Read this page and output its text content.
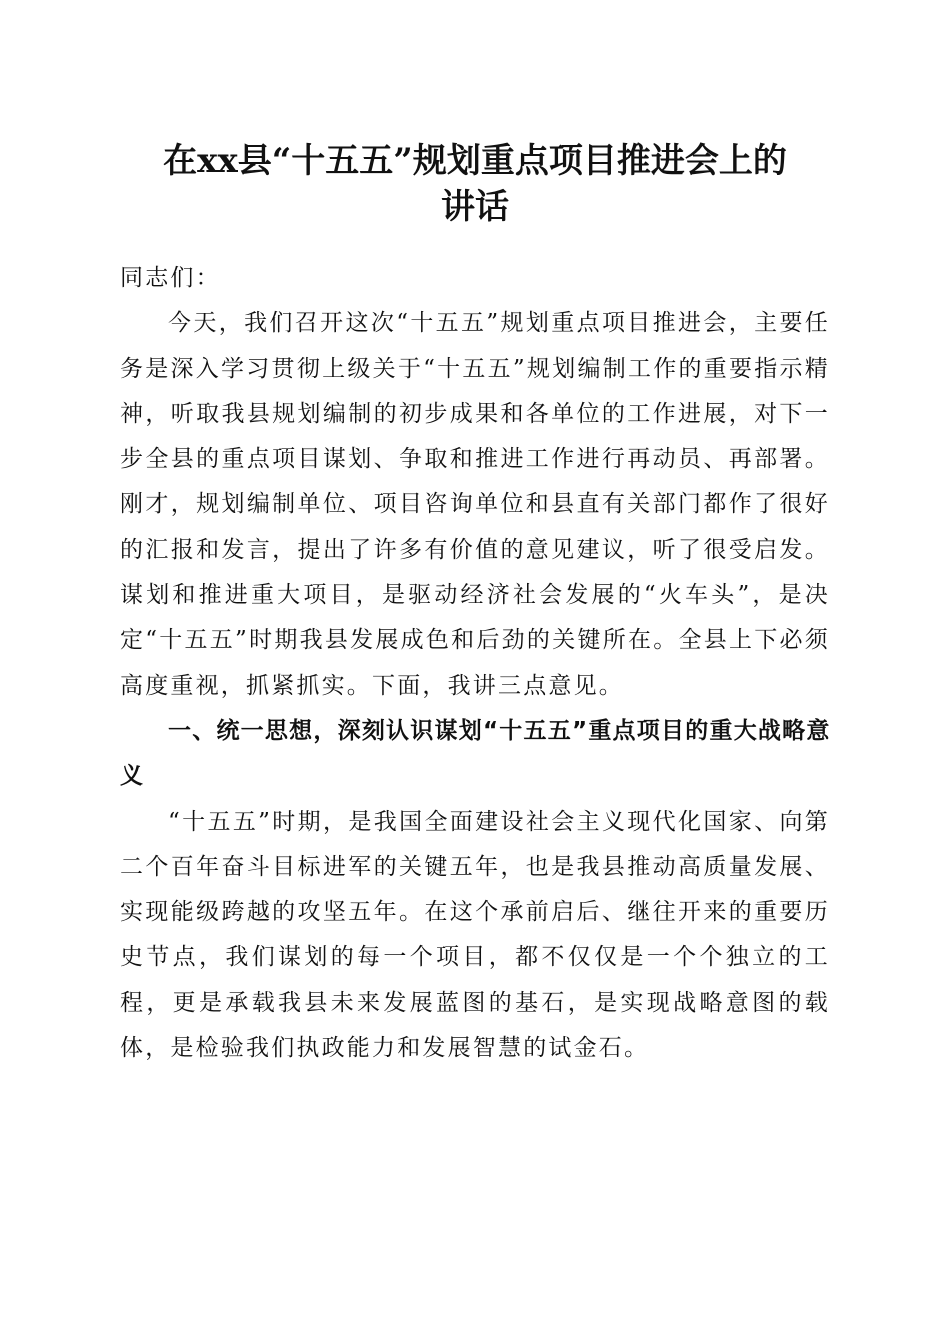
在xx县“十五五”规划重点项目推进会上的
讲话

同志们：

今天，我们召开这次“十五五”规划重点项目推进会，主要任务是深入学习贯彻上级关于“十五五”规划编制工作的重要指示精神，听取我县规划编制的初步成果和各单位的工作进展，对下一步全县的重点项目谋划、争取和推进工作进行再动员、再部署。刚才，规划编制单位、项目咨询单位和县直有关部门都作了很好的汇报和发言，提出了许多有价值的意见建议，听了很受启发。谋划和推进重大项目，是驱动经济社会发展的“火车头”，是决定“十五五”时期我县发展成色和后劲的关键所在。全县上下必须高度重视，抓紧抓实。下面，我讲三点意见。

一、统一思想，深刻认识谋划“十五五”重点项目的重大战略意义

“十五五”时期，是我国全面建设社会主义现代化国家、向第二个百年奋斗目标进军的关键五年，也是我县推动高质量发展、实现能级跨越的攻坚五年。在这个承前启后、继往开来的重要历史节点，我们谋划的每一个项目，都不仅仅是一个个独立的工程，更是承载我县未来发展蓝图的基石，是实现战略意图的载体，是检验我们执政能力和发展智慧的试金石。
